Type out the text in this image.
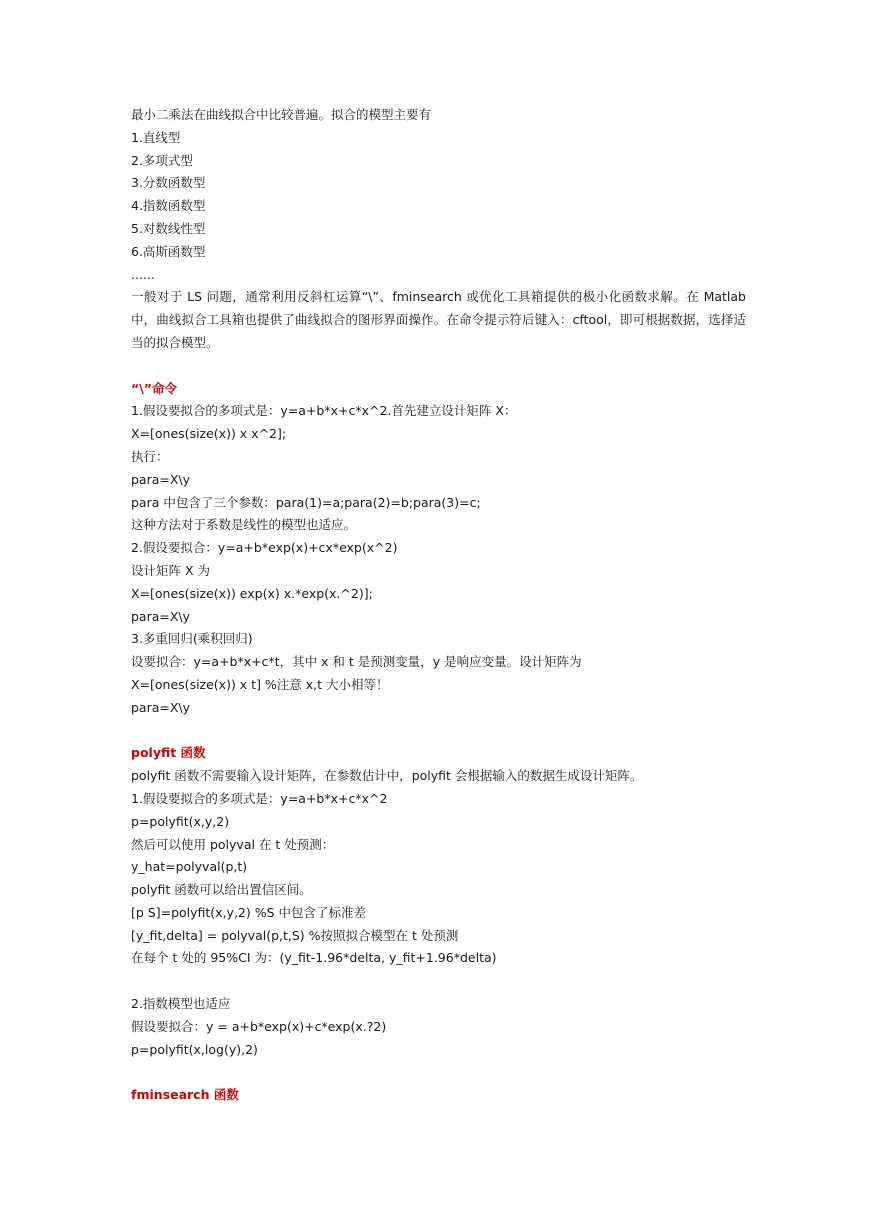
最小二乘法在曲线拟合中比较普遍。拟合的模型主要有
1.直线型
2.多项式型
3.分数函数型
4.指数函数型
5.对数线性型
6.高斯函数型
......
一般对于 LS 问题，通常利用反斜杠运算“\”、fminsearch 或优化工具箱提供的极小化函数求解。在 Matlab 中，曲线拟合工具箱也提供了曲线拟合的图形界面操作。在命令提示符后键入：cftool，即可根据数据，选择适当的拟合模型。
“\”命令
1.假设要拟合的多项式是：y=a+b*x+c*x^2.首先建立设计矩阵 X：
X=[ones(size(x)) x x^2];
执行：
para=X\y
para 中包含了三个参数：para(1)=a;para(2)=b;para(3)=c;
这种方法对于系数是线性的模型也适应。
2.假设要拟合：y=a+b*exp(x)+cx*exp(x^2)
设计矩阵 X 为
X=[ones(size(x)) exp(x) x.*exp(x.^2)];
para=X\y
3.多重回归(乘积回归)
设要拟合：y=a+b*x+c*t，其中 x 和 t 是预测变量，y 是响应变量。设计矩阵为
X=[ones(size(x)) x t] %注意 x,t 大小相等！
para=X\y
polyfit 函数
polyfit 函数不需要输入设计矩阵，在参数估计中，polyfit 会根据输入的数据生成设计矩阵。
1.假设要拟合的多项式是：y=a+b*x+c*x^2
p=polyfit(x,y,2)
然后可以使用 polyval 在 t 处预测：
y_hat=polyval(p,t)
polyfit 函数可以给出置信区间。
[p S]=polyfit(x,y,2) %S 中包含了标准差
[y_fit,delta] = polyval(p,t,S) %按照拟合模型在 t 处预测
在每个 t 处的 95%CI 为：(y_fit-1.96*delta, y_fit+1.96*delta)
2.指数模型也适应
假设要拟合：y = a+b*exp(x)+c*exp(x.?2)
p=polyfit(x,log(y),2)
fminsearch 函数
